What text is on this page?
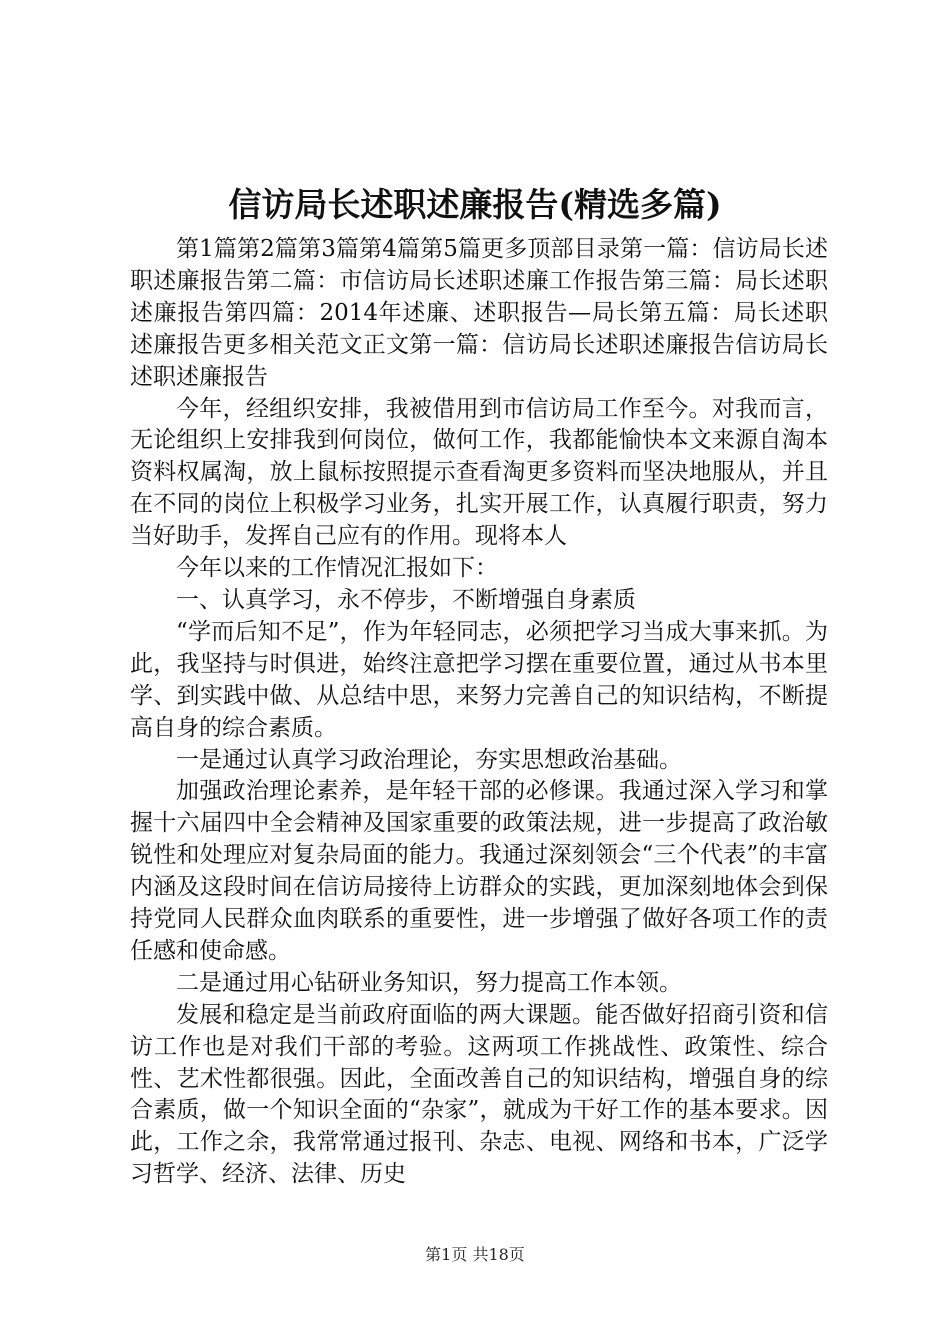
信访局长述职述廉报告(精选多篇)

第1篇第2篇第3篇第4篇第5篇更多顶部目录第一篇：信访局长述职述廉报告第二篇：市信访局长述职述廉工作报告第三篇：局长述职述廉报告第四篇：2014年述廉、述职报告—局长第五篇：局长述职述廉报告更多相关范文正文第一篇：信访局长述职述廉报告信访局长述职述廉报告

今年，经组织安排，我被借用到市信访局工作至今。对我而言，无论组织上安排我到何岗位，做何工作，我都能愉快本文来源自淘本资料权属淘，放上鼠标按照提示查看淘更多资料而坚决地服从，并且在不同的岗位上积极学习业务，扎实开展工作，认真履行职责，努力当好助手，发挥自己应有的作用。现将本人

今年以来的工作情况汇报如下：

一、认真学习，永不停步，不断增强自身素质

“学而后知不足”，作为年轻同志，必须把学习当成大事来抓。为此，我坚持与时俱进，始终注意把学习摆在重要位置，通过从书本里学、到实践中做、从总结中思，来努力完善自己的知识结构，不断提高自身的综合素质。

一是通过认真学习政治理论，夯实思想政治基础。

加强政治理论素养，是年轻干部的必修课。我通过深入学习和掌握十六届四中全会精神及国家重要的政策法规，进一步提高了政治敏锐性和处理应对复杂局面的能力。我通过深刻领会“三个代表”的丰富内涵及这段时间在信访局接待上访群众的实践，更加深刻地体会到保持党同人民群众血肉联系的重要性，进一步增强了做好各项工作的责任感和使命感。

二是通过用心钻研业务知识，努力提高工作本领。

发展和稳定是当前政府面临的两大课题。能否做好招商引资和信访工作也是对我们干部的考验。这两项工作挑战性、政策性、综合性、艺术性都很强。因此，全面改善自己的知识结构，增强自身的综合素质，做一个知识全面的“杂家”，就成为干好工作的基本要求。因此，工作之余，我常常通过报刊、杂志、电视、网络和书本，广泛学习哲学、经济、法律、历史

第1页 共18页
